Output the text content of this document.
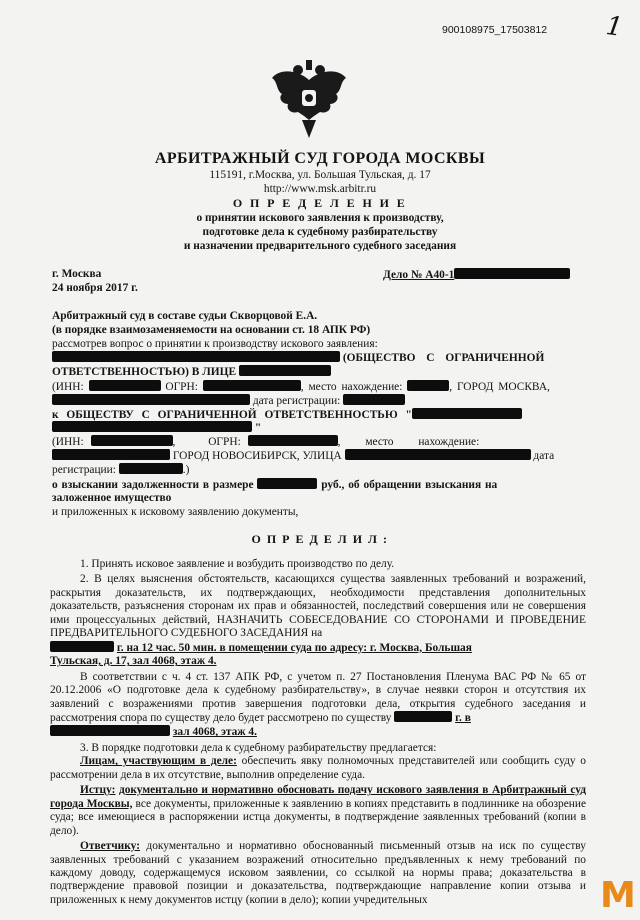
900108975_17503812 1
АРБИТРАЖНЫЙ СУД ГОРОДА МОСКВЫ
115191, г.Москва, ул. Большая Тульская, д. 17
http://www.msk.arbitr.ru
О П Р Е Д Е Л Е Н И Е
о принятии искового заявления к производству,
подготовке дела к судебному разбирательству
и назначении предварительного судебного заседания
г. Москва
24 ноября 2017 г.
Дело № А40-1
Арбитражный суд в составе судьи Скворцовой Е.А.
(в порядке взаимозаменяемости на основании ст. 18 АПК РФ)
рассмотрев вопрос о принятии к производству искового заявления:
(ОБЩЕСТВО С ОГРАНИЧЕННОЙ
ОТВЕТСТВЕННОСТЬЮ) В ЛИЦЕ
(ИНН:	ОГРН:	, место нахождение:	, ГОРОД МОСКВА,
дата регистрации:
к ОБЩЕСТВУ С ОГРАНИЧЕННОЙ ОТВЕТСТВЕННОСТЬЮ "
"
(ИНН:	, ОГРН:	, место нахождение:
ГОРОД НОВОСИБИРСК, УЛИЦА	дата
регистрации:	.)
о взыскании задолженности в размере	руб., об обращении взыскания на
заложенное имущество
и приложенных к исковому заявлению документы,
О П Р Е Д Е Л И Л :

1. Принять исковое заявление и возбудить производство по делу.

2. В целях выяснения обстоятельств, касающихся существа заявленных требований и возражений, раскрытия доказательств, их подтверждающих, необходимости представления дополнительных доказательств, разъяснения сторонам их прав и обязанностей, последствий совершения или не совершения ими процессуальных действий, НАЗНАЧИТЬ СОБЕСЕДОВАНИЕ СО СТОРОНАМИ И ПРОВЕДЕНИЕ ПРЕДВАРИТЕЛЬНОГО СУДЕБНОГО ЗАСЕДАНИЯ на

г. на 12 час. 50 мин. в помещении суда по адресу: г. Москва, Большая

Тульская, д. 17, зал 4068, этаж 4.

В соответствии с ч. 4 ст. 137 АПК РФ, с учетом п. 27 Постановления Пленума ВАС РФ № 65 от 20.12.2006 «О подготовке дела к судебному разбирательству», в случае неявки сторон и отсутствия их заявлений с возражениями против завершения подготовки дела, открытия судебного заседания и рассмотрения спора по существу дело будет рассмотрено по существу	г. в

зал 4068, этаж 4.

3. В порядке подготовки дела к судебному разбирательству предлагается:

Лицам, участвующим в деле: обеспечить явку полномочных представителей или сообщить суду о рассмотрении дела в их отсутствие, выполнив определение суда.

Истцу: документально и нормативно обосновать подачу искового заявления в Арбитражный суд города Москвы, все документы, приложенные к заявлению в копиях представить в подлиннике на обозрение суда; все имеющиеся в распоряжении истца документы, в подтверждение заявленных требований (копии в дело).

Ответчику: документально и нормативно обоснованный письменный отзыв на иск по существу заявленных требований с указанием возражений относительно предъявленных к нему требований по каждому доводу, содержащемуся исковом заявлении, со ссылкой на нормы права; доказательства в подтверждение правовой позиции и доказательства, подтверждающие направление копии отзыва и приложенных к нему документов истцу (копии в дело); копии учредительных	M
